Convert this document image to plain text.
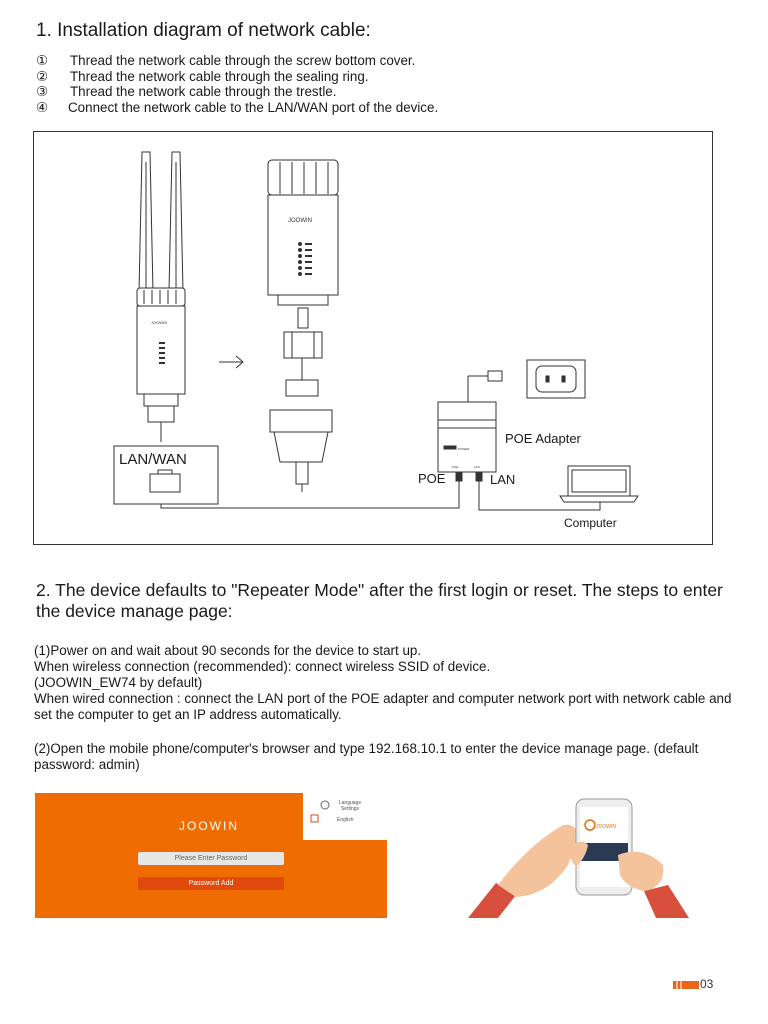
1. Installation diagram of network cable:
①	Thread the network cable through the screw bottom cover.
②	Thread the network cable through the sealing ring.
③	Thread the network cable through the trestle.
④	Connect the network cable to the LAN/WAN port of the device.
JOOWIN
JOOWIN
LAN/WAN
POWER
POE	LAN
POE Adapter
POE	LAN
Computer
2. The device defaults to "Repeater Mode" after the first login or reset. The steps to enter the device manage page:
(1)Power on and wait about 90 seconds for the device to start up.
When wireless connection (recommended): connect wireless SSID of device.
(JOOWIN_EW74 by default)
When wired connection : connect the LAN port of the POE adapter and computer network port with network cable and set the computer to get an IP address automatically.
(2)Open the mobile phone/computer's browser and type 192.168.10.1 to enter the device manage page. (default password: admin)
JOOWIN
Please Enter Password
Password Add
Language Settings
English
JOOWIN
03
